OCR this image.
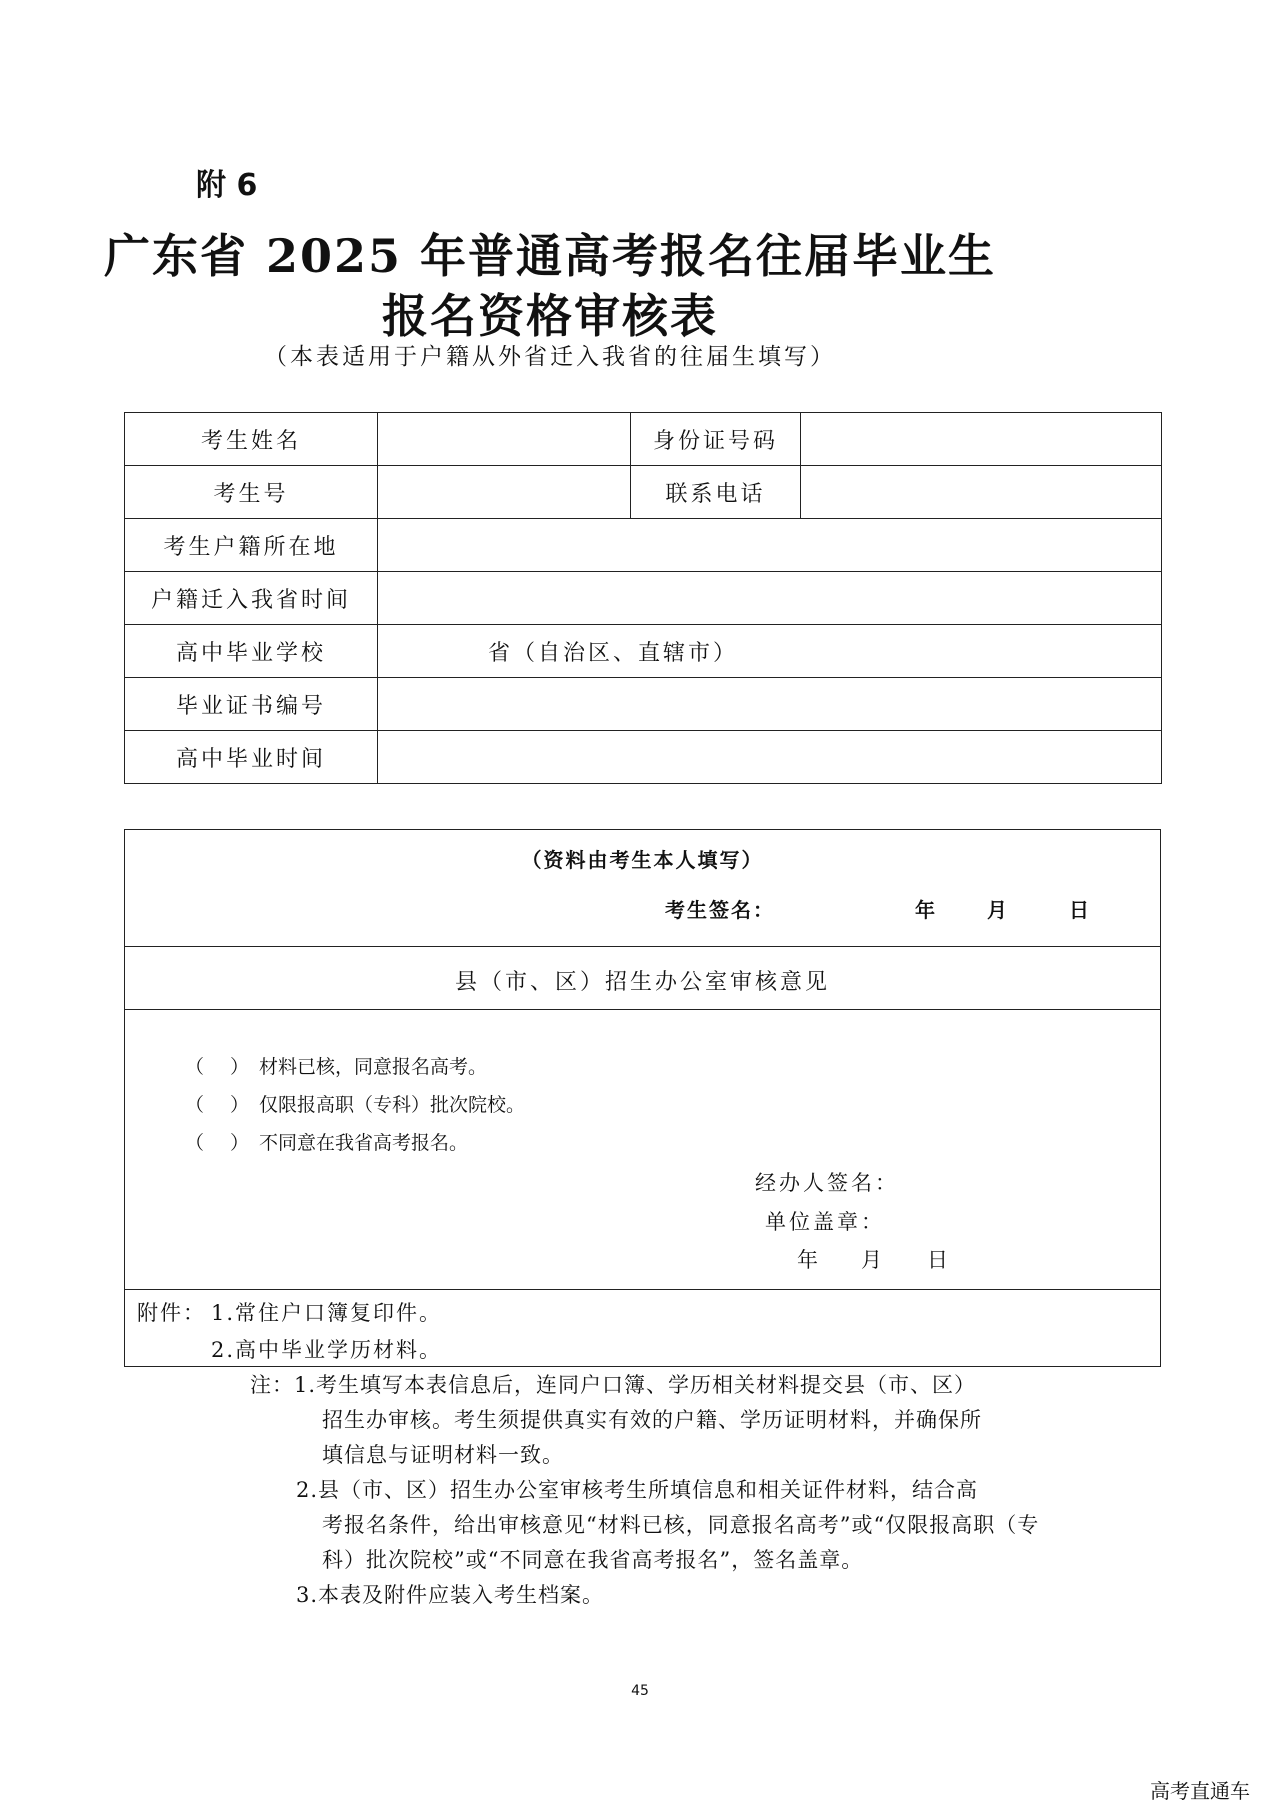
附 6
广东省 2025 年普通高考报名往届毕业生
报名资格审核表
（本表适用于户籍从外省迁入我省的往届生填写）
考生姓名		身份证号码	
考生号		联系电话	
考生户籍所在地			
户籍迁入我省时间			
高中毕业学校	省（自治区、直辖市）		
毕业证书编号			
高中毕业时间			
（资料由考生本人填写）
考生签名：	年	月	日
县（市、区）招生办公室审核意见
（ ）材料已核，同意报名高考。
（ ）仅限报高职（专科）批次院校。
（ ）不同意在我省高考报名。
经办人签名：
单位盖章：
年 月 日
附件： 1.常住户口簿复印件。
2.高中毕业学历材料。
注：1.考生填写本表信息后，连同户口簿、学历相关材料提交县（市、区）
招生办审核。考生须提供真实有效的户籍、学历证明材料，并确保所
填信息与证明材料一致。
2.县（市、区）招生办公室审核考生所填信息和相关证件材料，结合高
考报名条件，给出审核意见“材料已核，同意报名高考”或“仅限报高职（专
科）批次院校”或“不同意在我省高考报名”，签名盖章。
3.本表及附件应装入考生档案。
45
高考直通车
